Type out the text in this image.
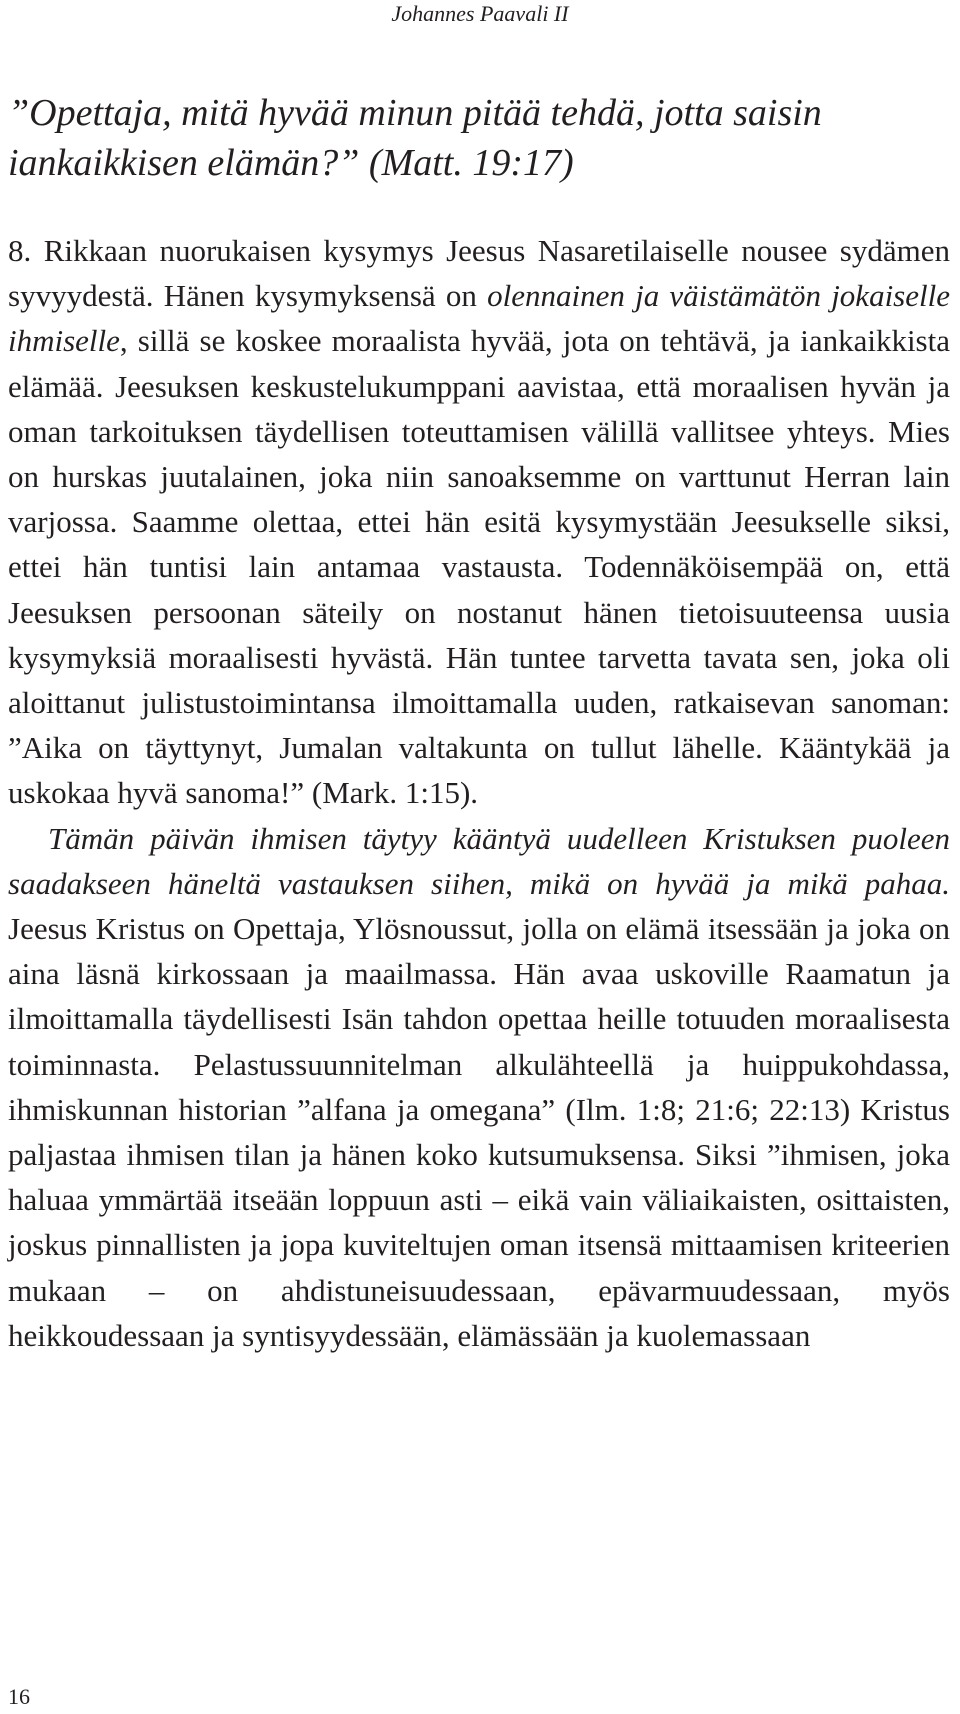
Johannes Paavali II

”Opettaja, mitä hyvää minun pitää tehdä, jotta saisin iankaikkisen elämän?” (Matt. 19:17)

8. Rikkaan nuorukaisen kysymys Jeesus Nasaretilaiselle nousee sydämen syvyydestä. Hänen kysymyksensä on olennainen ja väistämätön jokaiselle ihmiselle, sillä se koskee moraalista hyvää, jota on tehtävä, ja iankaikkista elämää. Jeesuksen keskustelukumppani aavistaa, että moraalisen hyvän ja oman tarkoituksen täydellisen toteuttamisen välillä vallitsee yhteys. Mies on hurskas juutalainen, joka niin sanoaksemme on varttunut Herran lain varjossa. Saamme olettaa, ettei hän esitä kysymystään Jeesukselle siksi, ettei hän tuntisi lain antamaa vastausta. Todennäköisempää on, että Jeesuksen persoonan säteily on nostanut hänen tietoisuuteensa uusia kysymyksiä moraalisesti hyvästä. Hän tuntee tarvetta tavata sen, joka oli aloittanut julistustoimintansa ilmoittamalla uuden, ratkaisevan sanoman: ”Aika on täyttynyt, Jumalan valtakunta on tullut lähelle. Kääntykää ja uskokaa hyvä sanoma!” (Mark. 1:15).

Tämän päivän ihmisen täytyy kääntyä uudelleen Kristuksen puoleen saadakseen häneltä vastauksen siihen, mikä on hyvää ja mikä pahaa. Jeesus Kristus on Opettaja, Ylösnoussut, jolla on elämä itsessään ja joka on aina läsnä kirkossaan ja maailmassa. Hän avaa uskoville Raamatun ja ilmoittamalla täydellisesti Isän tahdon opettaa heille totuuden moraalisesta toiminnasta. Pelastussuunnitelman alkulähteellä ja huippukohdassa, ihmiskunnan historian ”alfana ja omegana” (Ilm. 1:8; 21:6; 22:13) Kristus paljastaa ihmisen tilan ja hänen koko kutsumuksensa. Siksi ”ihmisen, joka haluaa ymmärtää itseään loppuun asti – eikä vain väliaikaisten, osittaisten, joskus pinnallisten ja jopa kuviteltujen oman itsensä mittaamisen kriteerien mukaan – on ahdistuneisuudessaan, epävarmuudessaan, myös heikkoudessaan ja syntisyydessään, elämässään ja kuolemassaan

16
